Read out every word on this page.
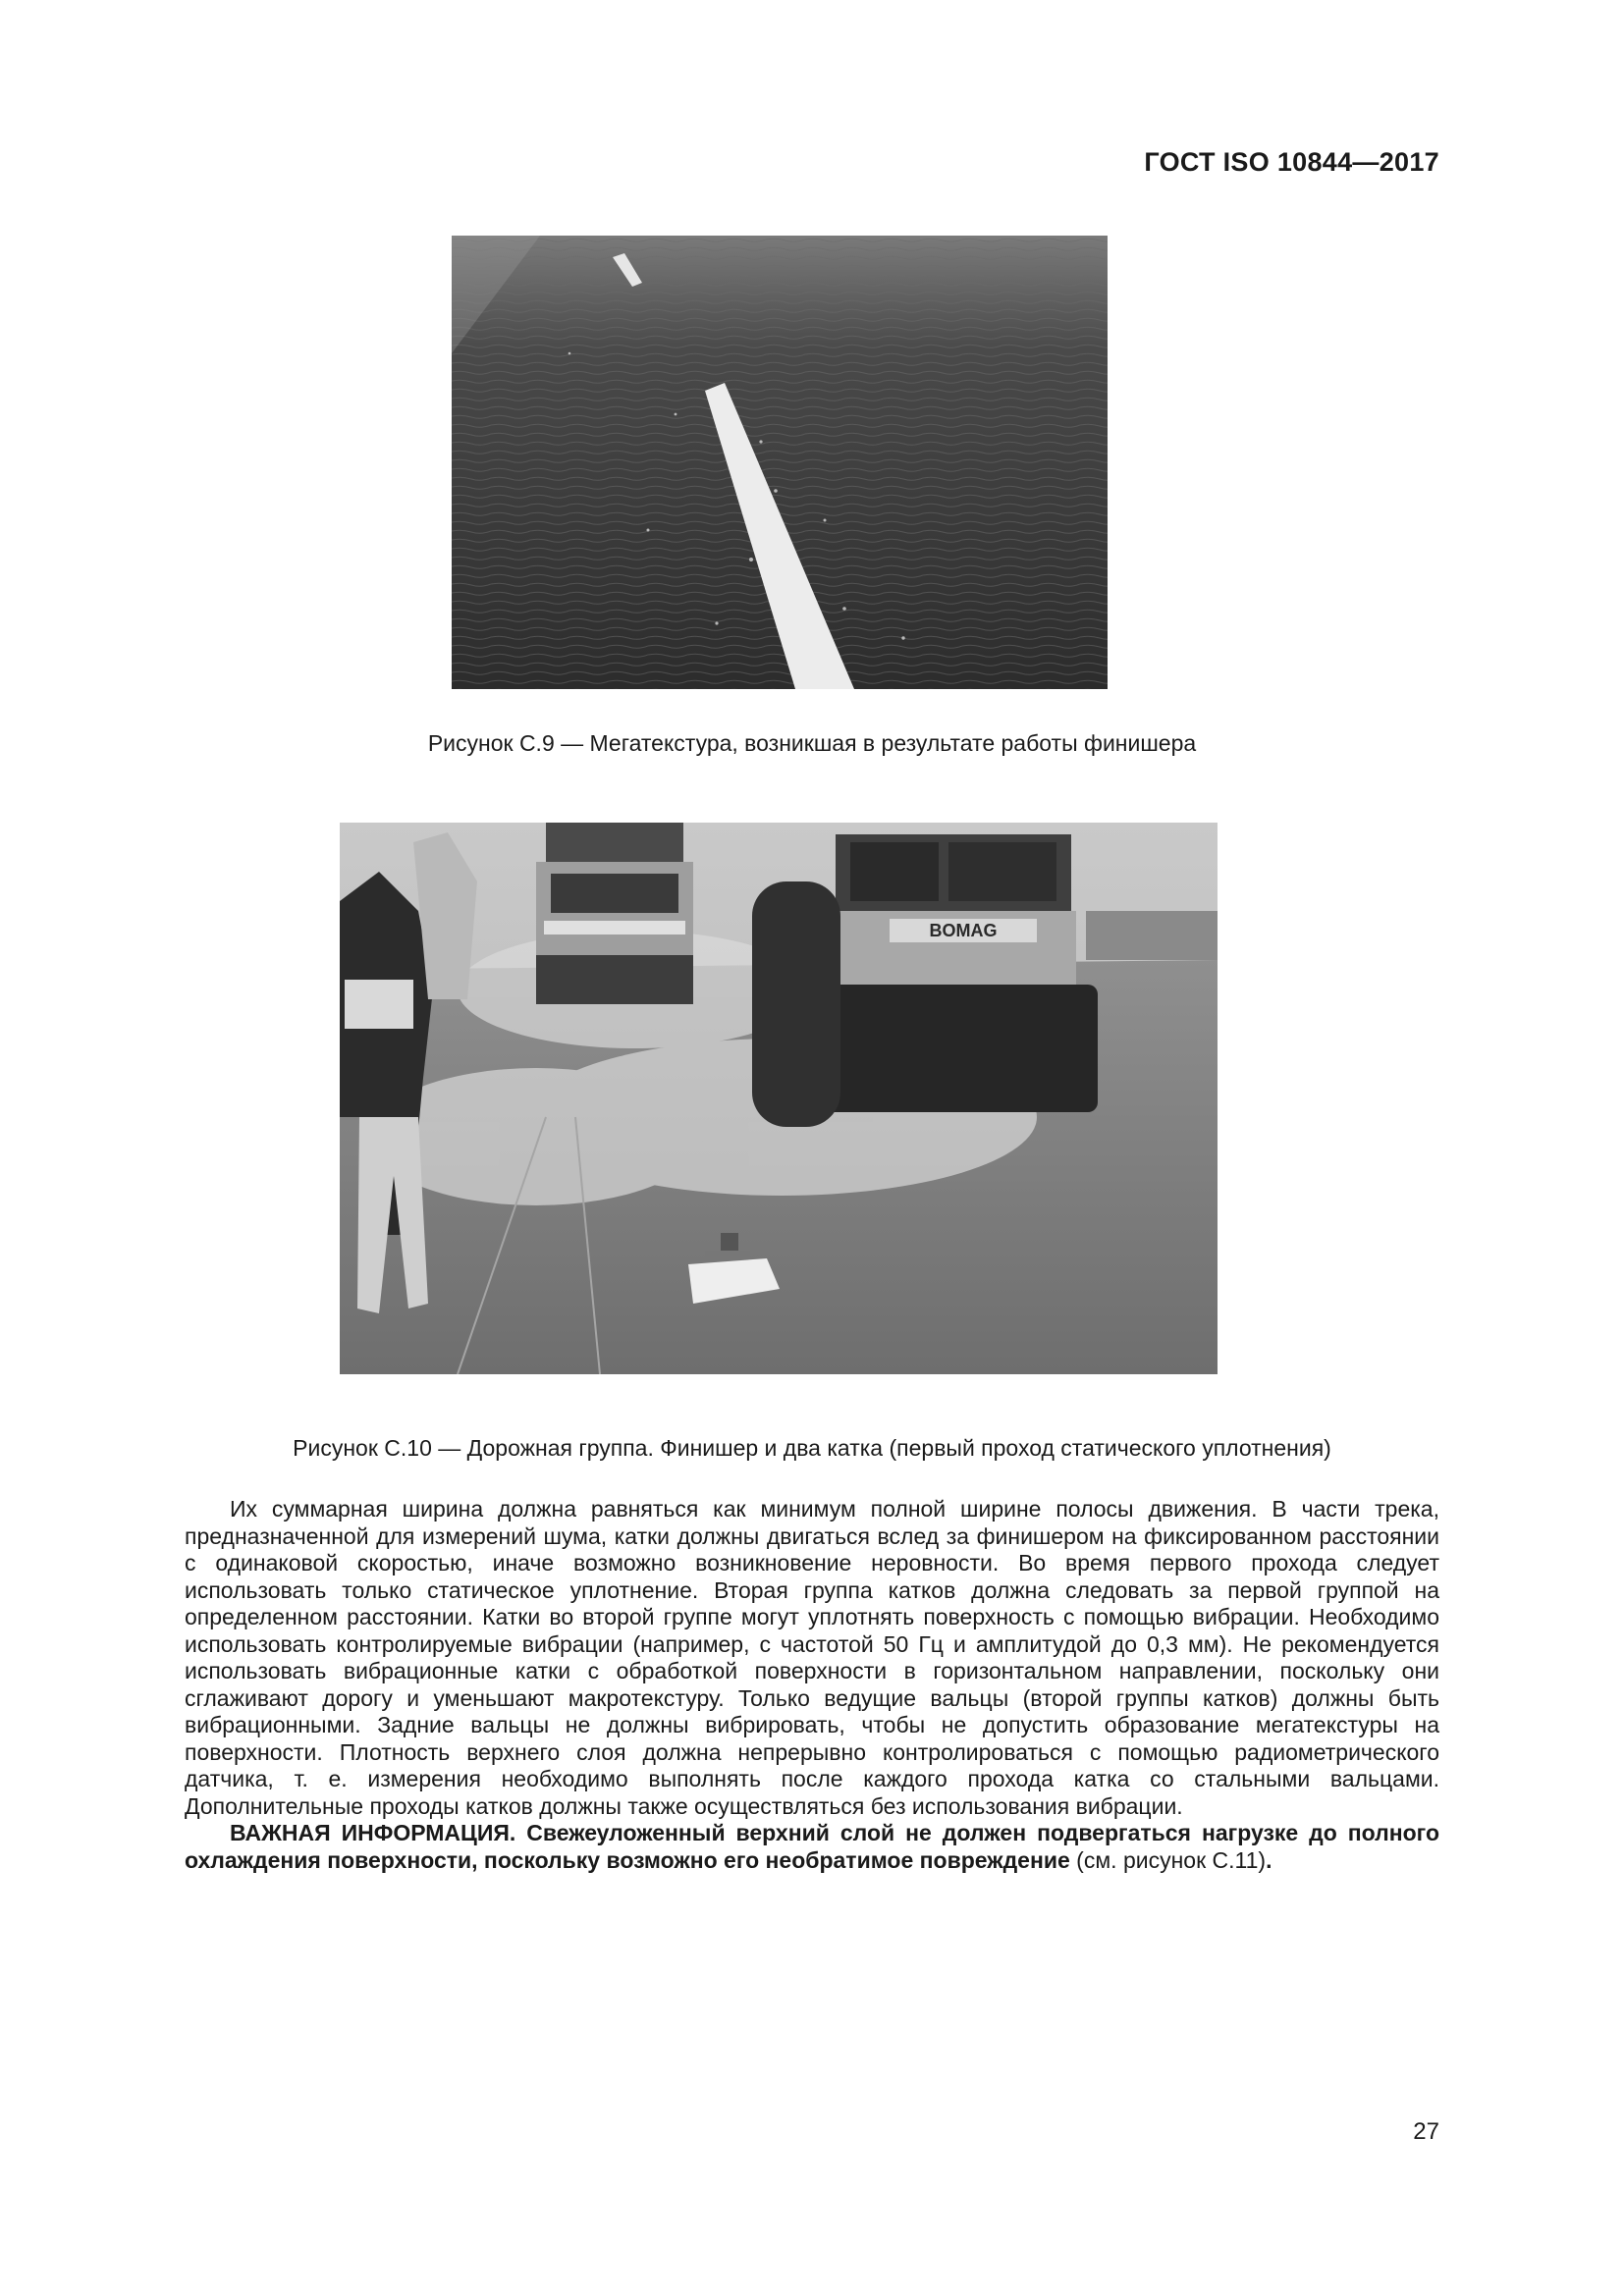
ГОСТ ISO 10844—2017
Рисунок С.9 — Мегатекстура, возникшая в результате работы финишера
BOMAG
Рисунок С.10 — Дорожная группа. Финишер и два катка (первый проход статического уплотнения)

Их суммарная ширина должна равняться как минимум полной ширине полосы движения. В части трека, предназначенной для измерений шума, катки должны двигаться вслед за финишером на фиксированном расстоянии с одинаковой скоростью, иначе возможно возникновение неровности. Во время первого прохода следует использовать только статическое уплотнение. Вторая группа катков должна следовать за первой группой на определенном расстоянии. Катки во второй группе могут уплотнять поверхность с помощью вибрации. Необходимо использовать контролируемые вибрации (например, с частотой 50 Гц и амплитудой до 0,3 мм). Не рекомендуется использовать вибрационные катки с обработкой поверхности в горизонтальном направлении, поскольку они сглаживают дорогу и уменьшают макротекстуру. Только ведущие вальцы (второй группы катков) должны быть вибрационными. Задние вальцы не должны вибрировать, чтобы не допустить образование мегатекстуры на поверхности. Плотность верхнего слоя должна непрерывно контролироваться с помощью радиометрического датчика, т. е. измерения необходимо выполнять после каждого прохода катка со стальными вальцами. Дополнительные проходы катков должны также осуществляться без использования вибрации.

ВАЖНАЯ ИНФОРМАЦИЯ. Свежеуложенный верхний слой не должен подвергаться нагрузке до полного охлаждения поверхности, поскольку возможно его необратимое повреждение (см. рисунок С.11).

27
